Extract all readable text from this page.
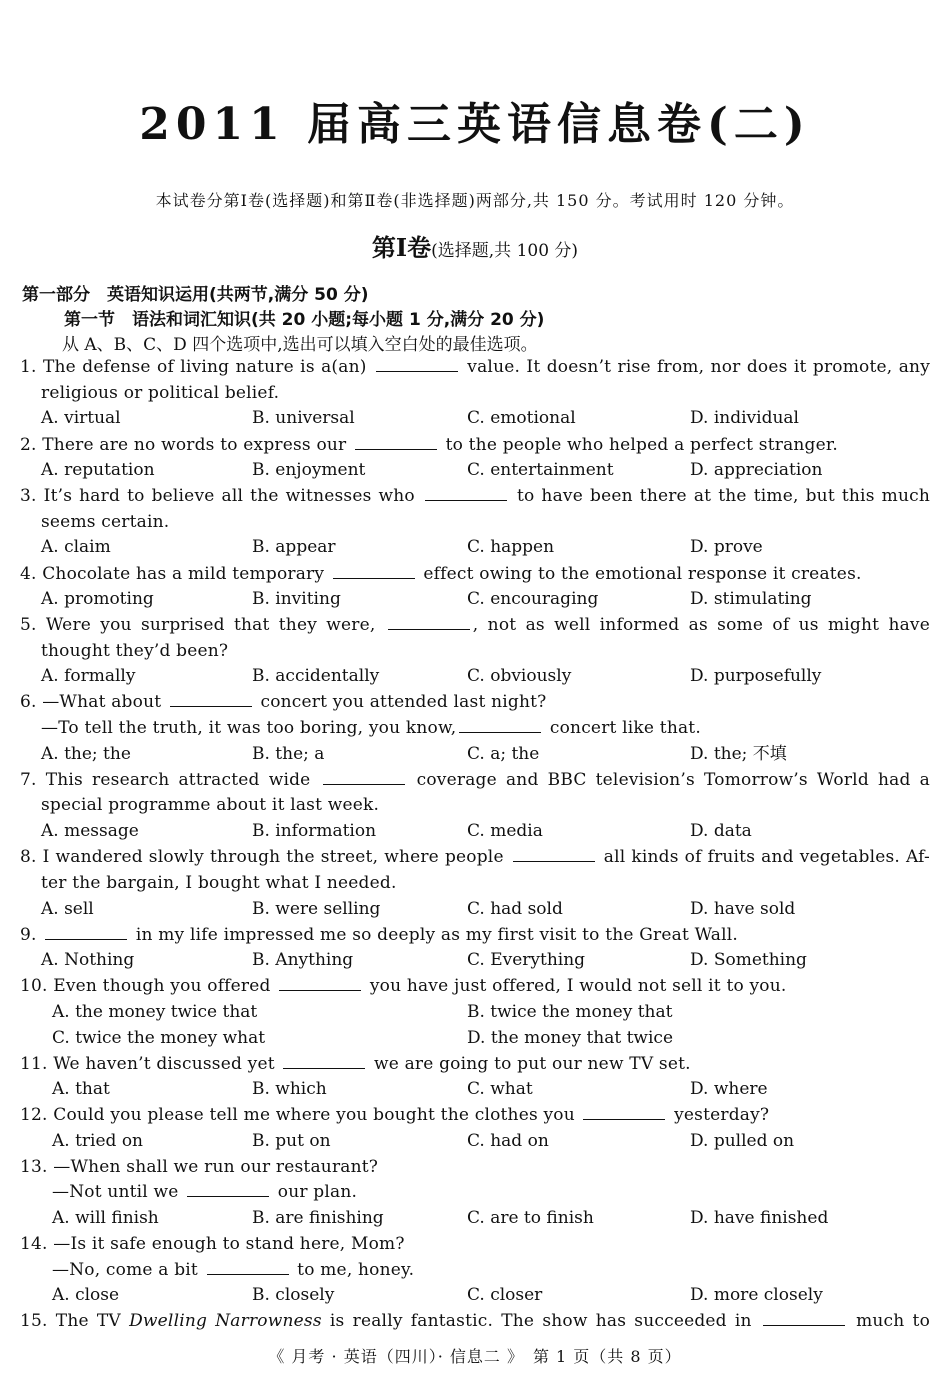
2011 届高三英语信息卷(二)
本试卷分第Ⅰ卷(选择题)和第Ⅱ卷(非选择题)两部分,共 150 分。考试用时 120 分钟。
第Ⅰ卷(选择题,共 100 分)
第一部分　英语知识运用(共两节,满分 50 分)
第一节　语法和词汇知识(共 20 小题;每小题 1 分,满分 20 分)
从 A、B、C、D 四个选项中,选出可以填入空白处的最佳选项。
1. The defense of living nature is a(an)	value. It doesn’t rise from, nor does it promote, any
religious or political belief.
A. virtual	B. universal	C. emotional	D. individual
2. There are no words to express our	to the people who helped a perfect stranger.
A. reputation	B. enjoyment	C. entertainment	D. appreciation
3. It’s hard to believe all the witnesses who	to have been there at the time, but this much
seems certain.
A. claim	B. appear	C. happen	D. prove
4. Chocolate has a mild temporary	effect owing to the emotional response it creates.
A. promoting	B. inviting	C. encouraging	D. stimulating
5. Were you surprised that they were,	, not as well informed as some of us might have
thought they’d been?
A. formally	B. accidentally	C. obviously	D. purposefully
6. —What about	concert you attended last night?
—To tell the truth, it was too boring, you know,	concert like that.
A. the; the	B. the; a	C. a; the	D. the; 不填
7. This research attracted wide	coverage and BBC television’s Tomorrow’s World had a
special programme about it last week.
A. message	B. information	C. media	D. data
8. I wandered slowly through the street, where people	all kinds of fruits and vegetables. Af-
ter the bargain, I bought what I needed.
A. sell	B. were selling	C. had sold	D. have sold
9.	in my life impressed me so deeply as my first visit to the Great Wall.
A. Nothing	B. Anything	C. Everything	D. Something
10. Even though you offered	you have just offered, I would not sell it to you.
A. the money twice that	B. twice the money that
C. twice the money what	D. the money that twice
11. We haven’t discussed yet	we are going to put our new TV set.
A. that	B. which	C. what	D. where
12. Could you please tell me where you bought the clothes you	yesterday?
A. tried on	B. put on	C. had on	D. pulled on
13. —When shall we run our restaurant?
—Not until we	our plan.
A. will finish	B. are finishing	C. are to finish	D. have finished
14. —Is it safe enough to stand here, Mom?
—No, come a bit	to me, honey.
A. close	B. closely	C. closer	D. more closely
15. The TV Dwelling Narrowness is really fantastic. The show has succeeded in	much to
《 月考 · 英语（四川）· 信息二 》　第 1 页（共 8 页）
